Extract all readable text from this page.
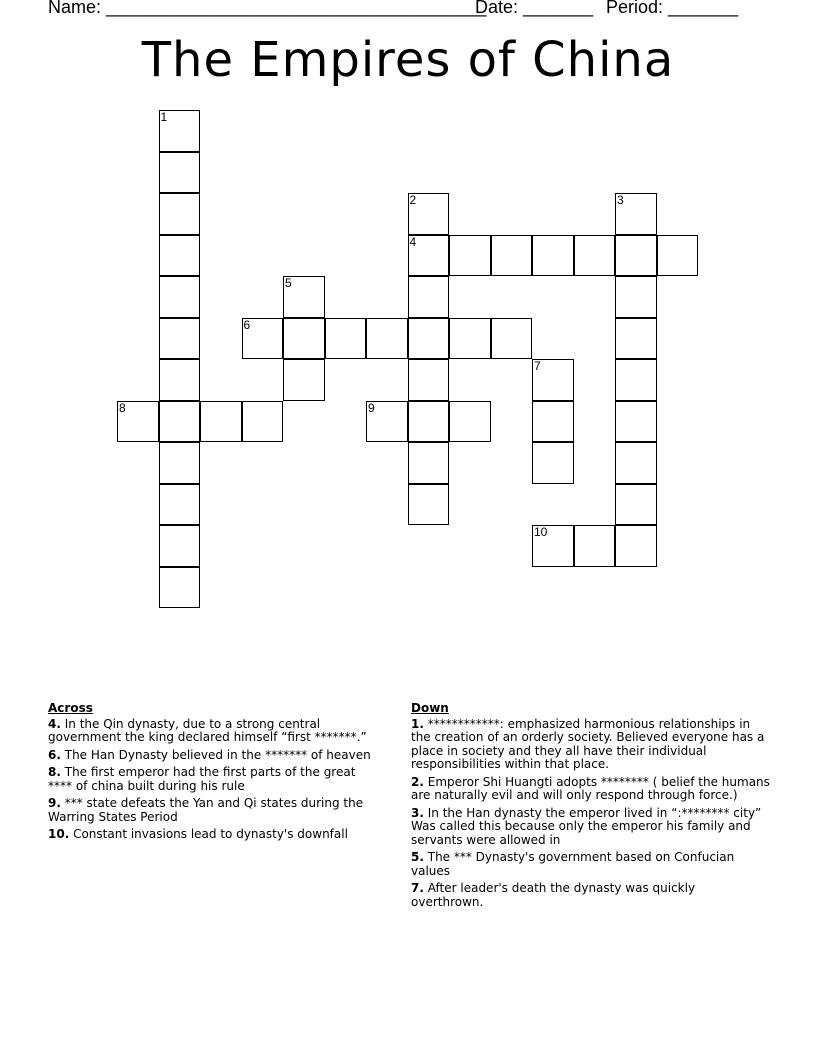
Name: ______________________________________
Date: _______ Period: _______
The Empires of China
1
2
4
3
5
6
7
8	9
10
Across
4. In the Qin dynasty, due to a strong central government the king declared himself “first *******.”
6. The Han Dynasty believed in the ******* of heaven
8. The first emperor had the first parts of the great **** of china built during his rule
9. *** state defeats the Yan and Qi states during the Warring States Period
10. Constant invasions lead to dynasty's downfall
Down
1. ************: emphasized harmonious relationships in the creation of an orderly society. Believed everyone has a place in society and they all have their individual responsibilities within that place.
2. Emperor Shi Huangti adopts ******** ( belief the humans are naturally evil and will only respond through force.)
3. In the Han dynasty the emperor lived in “:******** city” Was called this because only the emperor his family and servants were allowed in
5. The *** Dynasty's government based on Confucian values
7. After leader's death the dynasty was quickly overthrown.
